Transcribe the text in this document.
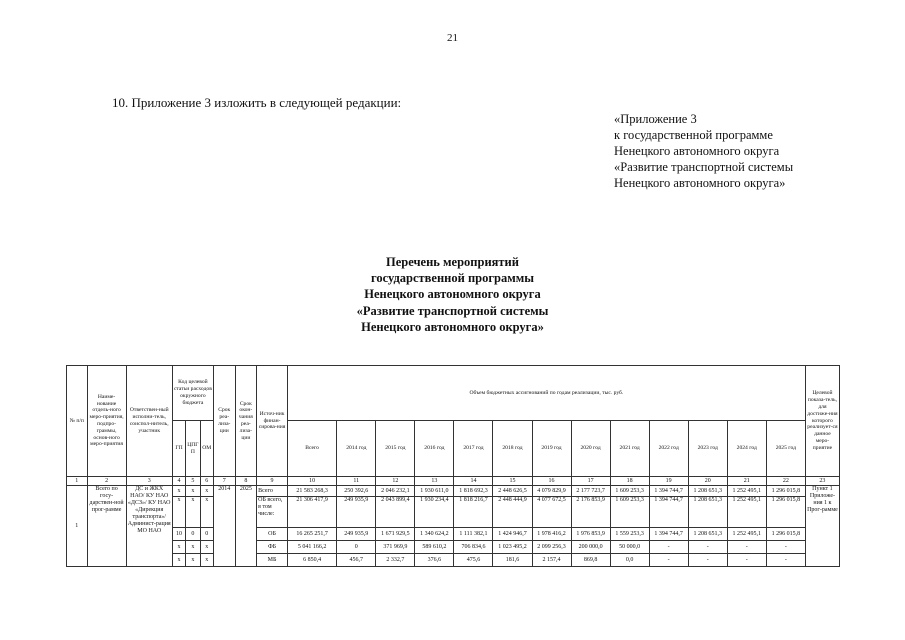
21
10. Приложение 3 изложить в следующей редакции:
«Приложение 3
к государственной программе
Ненецкого автономного округа
«Развитие транспортной системы
Ненецкого автономного округа»
Перечень мероприятий
государственной программы
Ненецкого автономного округа
«Развитие транспортной системы
Ненецкого автономного округа»
№ п/п	Наиме-нование отдель-ного меро-приятия, подпро-граммы, основ-ного меро-приятия	Ответствен-ный исполни-тель, соиспол-нитель, участник	Код целевой статьи расходов окружного бюджета			Срок реа-лиза-ции	Срок окон-чания реа-лиза-ции	Источ-ник финан-сирова-ния	Объем бюджетных ассигнований по годам реализации, тыс. руб.													Целевой показа-тель, для достиже-ния которого реализует-ся данное меро-приятие
			ГП	ЦПГ П	ОМ				Всего	2014 год	2015 год	2016 год	2017 год	2018 год	2019 год	2020 год	2021 год	2022 год	2023 год	2024 год	2025 год	
1	2	3	4	5	6	7	8	9	10	11	12	13	14	15	16	17	18	19	20	21	22	23
1	Всего по госу-дарствен-ной прог-рамме	ДС и ЖКХ НАО/ КУ НАО «ДСЗ»/ КУ НАО «Дирекция транспорта»/ Админист-рация МО НАО	х	х	х	2014	2025	Всего	21 583 268,3	250 392,6	2 046 232,1	1 930 611,0	1 818 692,3	2 448 626,5	4 079 829,9	2 177 723,7	1 609 253,3	1 394 744,7	1 208 651,3	1 252 495,1	1 296 015,8	Пункт 1 Приложе-ния 1 к Прог-рамме
			х	х	х			ОБ всего, в том числе:	21 306 417,9	249 935,9	2 043 899,4	1 930 234,4	1 818 216,7	2 448 444,9	4 077 672,5	2 176 853,9	1 609 253,3	1 394 744,7	1 208 651,3	1 252 495,1	1 296 015,8	
			10	0	0			ОБ	16 265 251,7	249 935,9	1 671 929,5	1 340 624,2	1 111 382,1	1 424 946,7	1 978 416,2	1 976 853,9	1 559 253,3	1 394 744,7	1 208 651,3	1 252 495,1	1 296 015,8	
			х	х	х			ФБ	5 041 166,2	0	371 969,9	589 610,2	706 834,6	1 023 495,2	2 099 256,3	200 000,0	50 000,0	-	-	-	-	
			х	х	х			МБ	6 850,4	456,7	2 332,7	376,6	475,6	181,6	2 157,4	869,8	0,0	-	-	-	-	
